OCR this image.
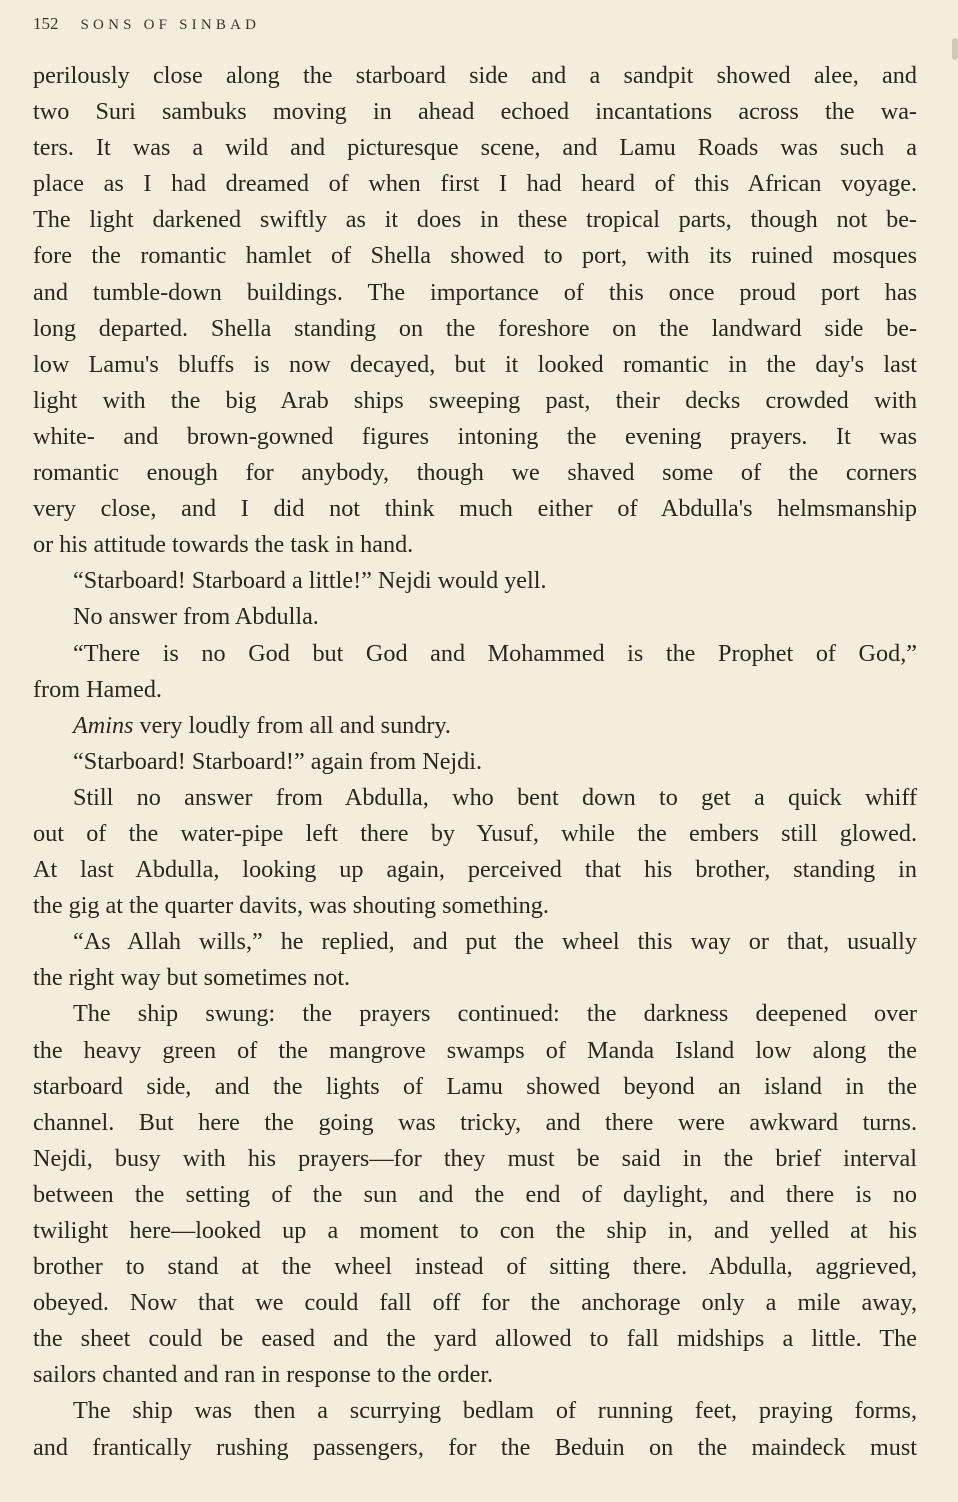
152 SONS OF SINBAD
perilously close along the starboard side and a sandpit showed alee, and
two Suri sambuks moving in ahead echoed incantations across the wa-
ters. It was a wild and picturesque scene, and Lamu Roads was such a
place as I had dreamed of when first I had heard of this African voyage.
The light darkened swiftly as it does in these tropical parts, though not be-
fore the romantic hamlet of Shella showed to port, with its ruined mosques
and tumble-down buildings. The importance of this once proud port has
long departed. Shella standing on the foreshore on the landward side be-
low Lamu's bluffs is now decayed, but it looked romantic in the day's last
light with the big Arab ships sweeping past, their decks crowded with
white- and brown-gowned figures intoning the evening prayers. It was
romantic enough for anybody, though we shaved some of the corners
very close, and I did not think much either of Abdulla's helmsmanship
or his attitude towards the task in hand.
“Starboard! Starboard a little!” Nejdi would yell.
No answer from Abdulla.
“There is no God but God and Mohammed is the Prophet of God,”
from Hamed.
Amins very loudly from all and sundry.
“Starboard! Starboard!” again from Nejdi.
Still no answer from Abdulla, who bent down to get a quick whiff
out of the water-pipe left there by Yusuf, while the embers still glowed.
At last Abdulla, looking up again, perceived that his brother, standing in
the gig at the quarter davits, was shouting something.
“As Allah wills,” he replied, and put the wheel this way or that, usually
the right way but sometimes not.
The ship swung: the prayers continued: the darkness deepened over
the heavy green of the mangrove swamps of Manda Island low along the
starboard side, and the lights of Lamu showed beyond an island in the
channel. But here the going was tricky, and there were awkward turns.
Nejdi, busy with his prayers—for they must be said in the brief interval
between the setting of the sun and the end of daylight, and there is no
twilight here—looked up a moment to con the ship in, and yelled at his
brother to stand at the wheel instead of sitting there. Abdulla, aggrieved,
obeyed. Now that we could fall off for the anchorage only a mile away,
the sheet could be eased and the yard allowed to fall midships a little. The
sailors chanted and ran in response to the order.
The ship was then a scurrying bedlam of running feet, praying forms,
and frantically rushing passengers, for the Beduin on the maindeck must
